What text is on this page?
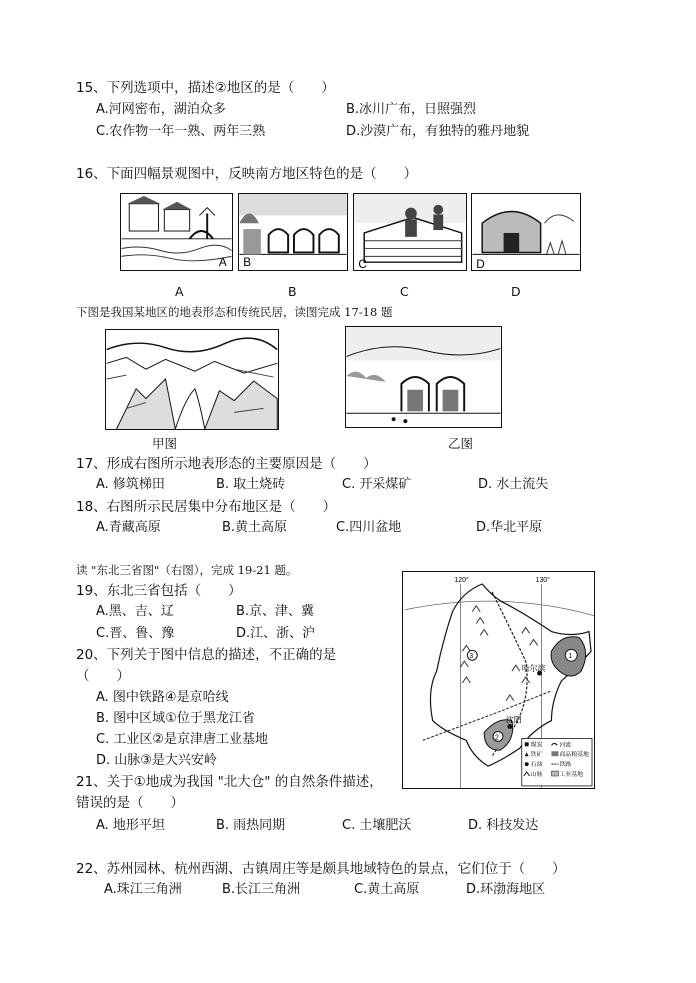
15、下列选项中，描述②地区的是（　　）
A.河网密布，湖泊众多	B.冰川广布，日照强烈
C.农作物一年一熟、两年三熟	D.沙漠广布，有独特的雅丹地貌
16、下面四幅景观图中，反映南方地区特色的是（　　）
A B	C	D
A	B	C	D
下图是我国某地区的地表形态和传统民居，读图完成 17-18 题
甲图	乙图
17、形成右图所示地表形态的主要原因是（　　）
A. 修筑梯田	B. 取土烧砖	C. 开采煤矿	D. 水土流失
18、右图所示民居集中分布地区是（　　）
A.青藏高原	B.黄土高原	C.四川盆地	D.华北平原
读 "东北三省图"（右图），完成 19-21 题。
120°	130°
1
3
哈尔滨
2
沈阳
煤炭
铁矿
石油
山脉
河流
商品粮基地
铁路
工业基地
19、东北三省包括（　　）
A.黑、吉、辽	B.京、津、冀
C.晋、鲁、豫	D.江、浙、沪
20、下列关于图中信息的描述，不正确的是
（　　）
A. 图中铁路④是京哈线
B. 图中区域①位于黑龙江省
C. 工业区②是京津唐工业基地
D. 山脉③是大兴安岭
21、关于①地成为我国 "北大仓" 的自然条件描述，
错误的是（　　）
A. 地形平坦	B. 雨热同期	C. 土壤肥沃	D. 科技发达
22、苏州园林、杭州西湖、古镇周庄等是颇具地域特色的景点，它们位于（　　）
A.珠江三角洲	B.长江三角洲	C.黄土高原	D.环渤海地区
